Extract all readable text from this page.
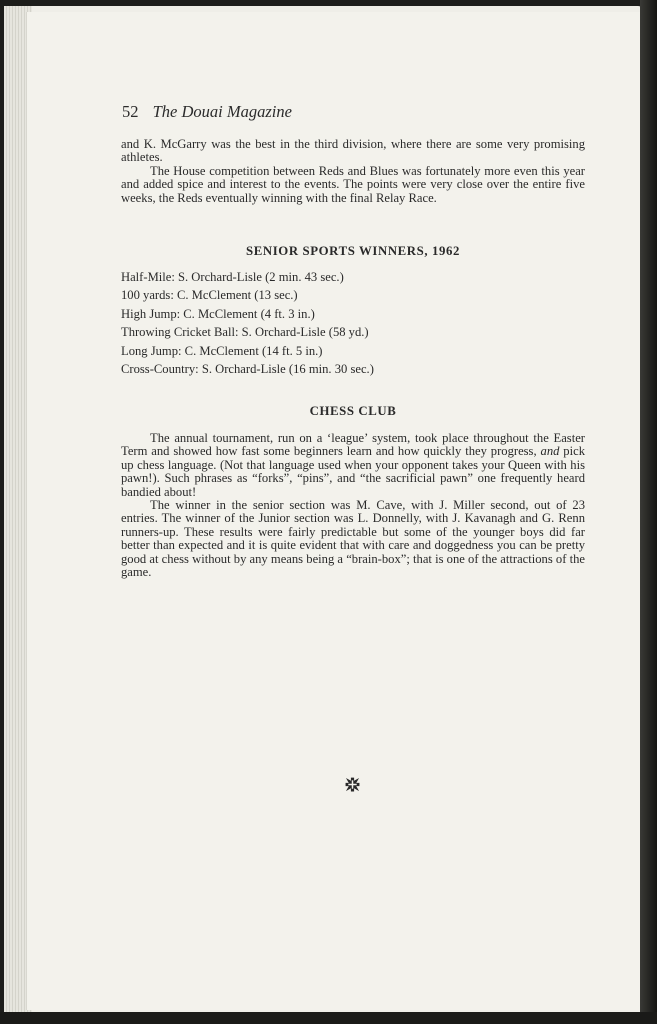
52 The Douai Magazine

and K. McGarry was the best in the third division, where there are some very promising athletes.

The House competition between Reds and Blues was fortunately more even this year and added spice and interest to the events. The points were very close over the entire five weeks, the Reds eventually winning with the final Relay Race.

SENIOR SPORTS WINNERS, 1962
Half-Mile: S. Orchard-Lisle (2 min. 43 sec.)
100 yards: C. McClement (13 sec.)
High Jump: C. McClement (4 ft. 3 in.)
Throwing Cricket Ball: S. Orchard-Lisle (58 yd.)
Long Jump: C. McClement (14 ft. 5 in.)
Cross-Country: S. Orchard-Lisle (16 min. 30 sec.)
CHESS CLUB

The annual tournament, run on a ‘league’ system, took place throughout the Easter Term and showed how fast some beginners learn and how quickly they progress, and pick up chess language. (Not that language used when your opponent takes your Queen with his pawn!). Such phrases as “forks”, “pins”, and “the sacrificial pawn” one frequently heard bandied about!

The winner in the senior section was M. Cave, with J. Miller second, out of 23 entries. The winner of the Junior section was L. Donnelly, with J. Kavanagh and G. Renn runners-up. These results were fairly predictable but some of the younger boys did far better than expected and it is quite evident that with care and doggedness you can be pretty good at chess without by any means being a “brain-box”; that is one of the attractions of the game.
